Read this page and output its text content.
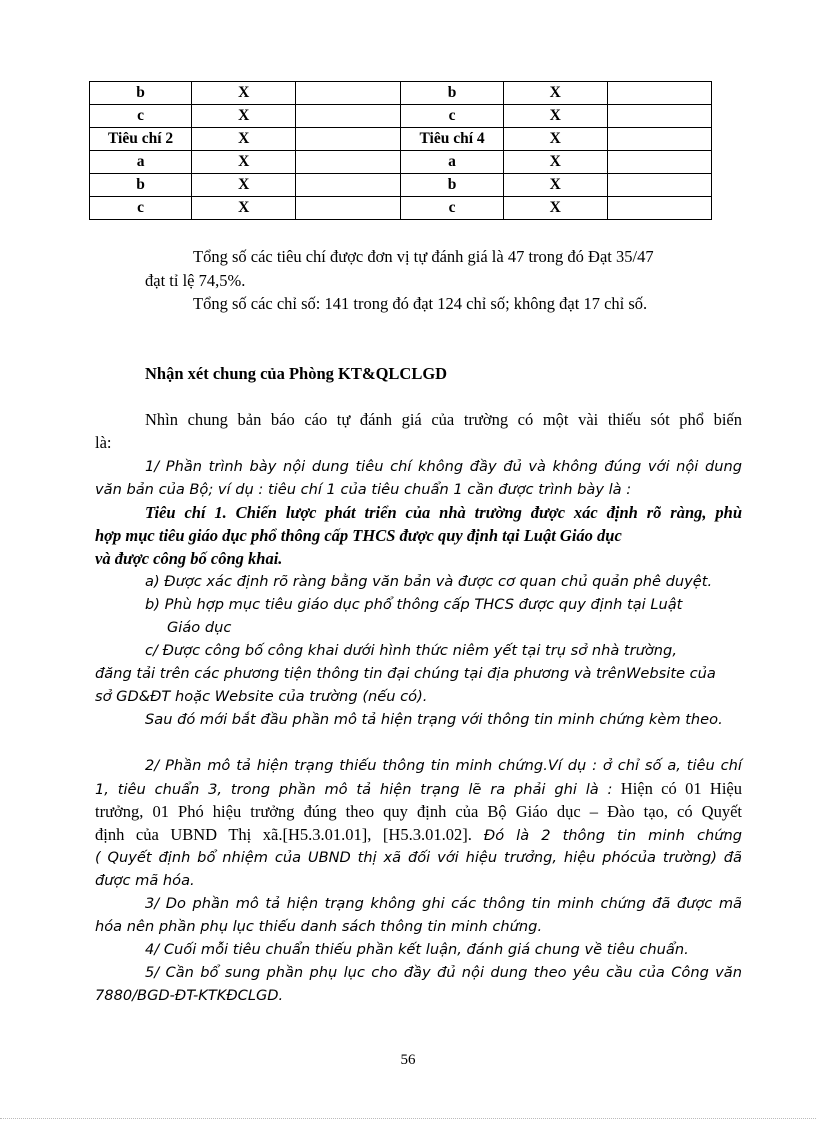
b	X		b	X	
c	X		c	X	
Tiêu chí 2	X		Tiêu chí 4	X	
a	X		a	X	
b	X		b	X	
c	X		c	X	
Tổng số các tiêu chí được đơn vị tự đánh giá là 47 trong đó Đạt 35/47
đạt tỉ lệ 74,5%.
Tổng số các chỉ số: 141 trong đó đạt 124 chỉ số; không đạt 17 chỉ số.
Nhận xét chung của Phòng KT&QLCLGD
Nhìn chung bản báo cáo tự đánh giá của trường có một vài thiếu sót phổ biến
là:
1/ Phần trình bày nội dung tiêu chí không đầy đủ và không đúng với nội dung
văn bản của Bộ; ví dụ : tiêu chí 1 của tiêu chuẩn 1 cần được trình bày là :
Tiêu chí 1. Chiến lược phát triển của nhà trường được xác định rõ ràng, phù
hợp mục tiêu giáo dục phổ thông cấp THCS được quy định tại Luật Giáo dục
và được công bố công khai.
a) Được xác định rõ ràng bằng văn bản và được cơ quan chủ quản phê duyệt.
b) Phù hợp mục tiêu giáo dục phổ thông cấp THCS được quy định tại Luật
Giáo dục
c/ Được công bố công khai dưới hình thức niêm yết tại trụ sở nhà trường,
đăng tải trên các phương tiện thông tin đại chúng tại địa phương và trênWebsite của
sở GD&ĐT hoặc Website của trường (nếu có).
Sau đó mới bắt đầu phần mô tả hiện trạng với thông tin minh chứng kèm theo.
2/ Phần mô tả hiện trạng thiếu thông tin minh chứng.Ví dụ : ở chỉ số a, tiêu chí
1, tiêu chuẩn 3, trong phần mô tả hiện trạng lẽ ra phải ghi là : Hiện có 01 Hiệu
trưởng, 01 Phó hiệu trưởng đúng theo quy định của Bộ Giáo dục – Đào tạo, có Quyết
định của UBND Thị xã.[H5.3.01.01], [H5.3.01.02]. Đó là 2 thông tin minh chứng
( Quyết định bổ nhiệm của UBND thị xã đối với hiệu trưởng, hiệu phócủa trường) đã
được mã hóa.
3/ Do phần mô tả hiện trạng không ghi các thông tin minh chứng đã được mã
hóa nên phần phụ lục thiếu danh sách thông tin minh chứng.
4/ Cuối mỗi tiêu chuẩn thiếu phần kết luận, đánh giá chung về tiêu chuẩn.
5/ Cần bổ sung phần phụ lục cho đầy đủ nội dung theo yêu cầu của Công văn
7880/BGD-ĐT-KTKĐCLGD.
56
